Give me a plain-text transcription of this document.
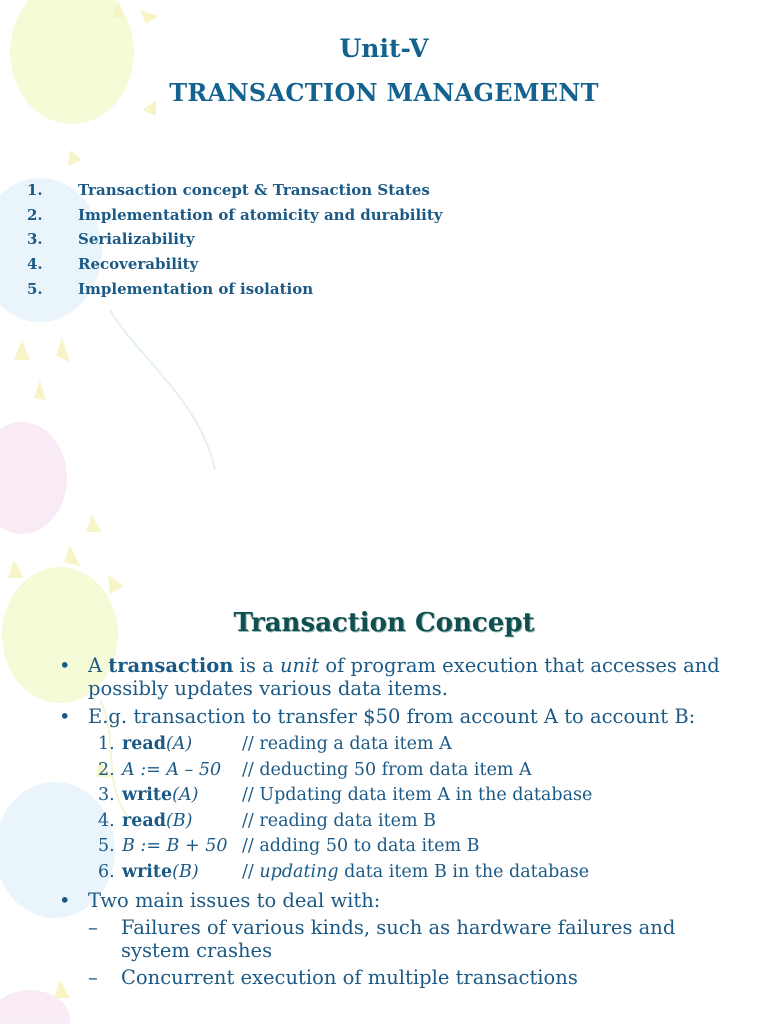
Unit-V
TRANSACTION MANAGEMENT
1.	Transaction concept & Transaction States
2.	Implementation of atomicity and durability
3.	Serializability
4.	Recoverability
5.	Implementation of isolation
Transaction Concept
• A transaction is a unit of program execution that accesses and possibly updates various data items.
• E.g. transaction to transfer $50 from account A to account B:
1. read(A)	// reading a data item A
2. A := A – 50	// deducting 50 from data item A
3. write(A)	// Updating data item A in the database
4. read(B)	// reading data item B
5. B := B + 50 // adding 50 to data item B
6. write(B)	// updating data item B in the database
• Two main issues to deal with:
– Failures of various kinds, such as hardware failures and system crashes
– Concurrent execution of multiple transactions
